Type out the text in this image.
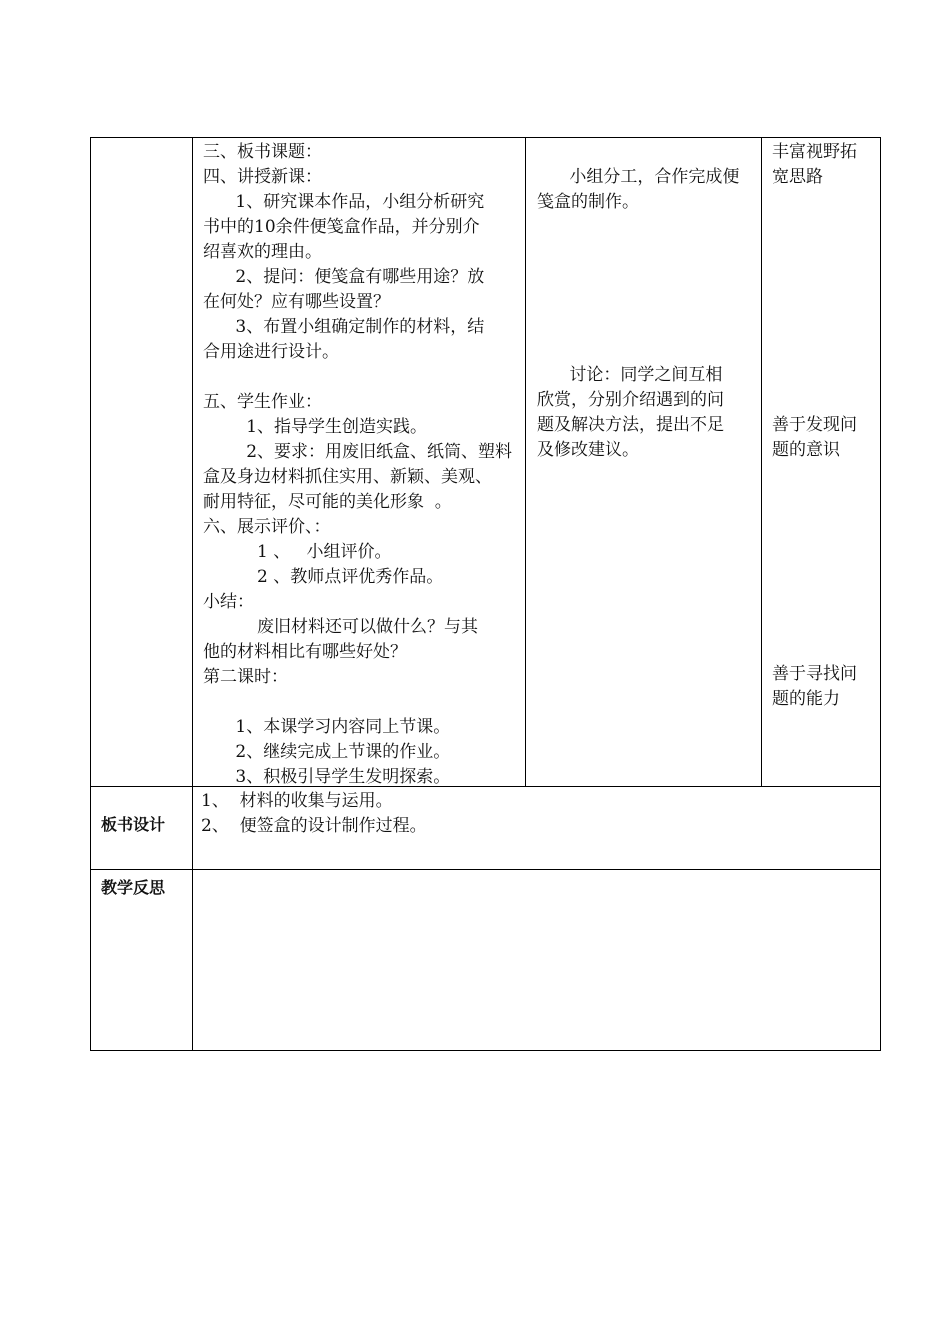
三、板书课题：
四、讲授新课：
1、研究课本作品，小组分析研究
书中的10余件便笺盒作品，并分别介
绍喜欢的理由。
2、提问：便笺盒有哪些用途？放
在何处？应有哪些设置？
3、布置小组确定制作的材料，结
合用途进行设计。
五、学生作业：
1、指导学生创造实践。
2、要求：用废旧纸盒、纸筒、塑料
盒及身边材料抓住实用、新颖、美观、
耐用特征，尽可能的美化形象  。
六、展示评价、：
1 、   小组评价。
2 、教师点评优秀作品。
小结：
废旧材料还可以做什么？与其
他的材料相比有哪些好处？
第二课时：
1、本课学习内容同上节课。
2、继续完成上节课的作业。
3、积极引导学生发明探索。
小组分工，合作完成便
笺盒的制作。
讨论：同学之间互相
欣赏，分别介绍遇到的问
题及解决方法，提出不足
及修改建议。
丰富视野拓
宽思路
善于发现问
题的意识
善于寻找问
题的能力
板书设计
1、  材料的收集与运用。
2、  便签盒的设计制作过程。
教学反思
